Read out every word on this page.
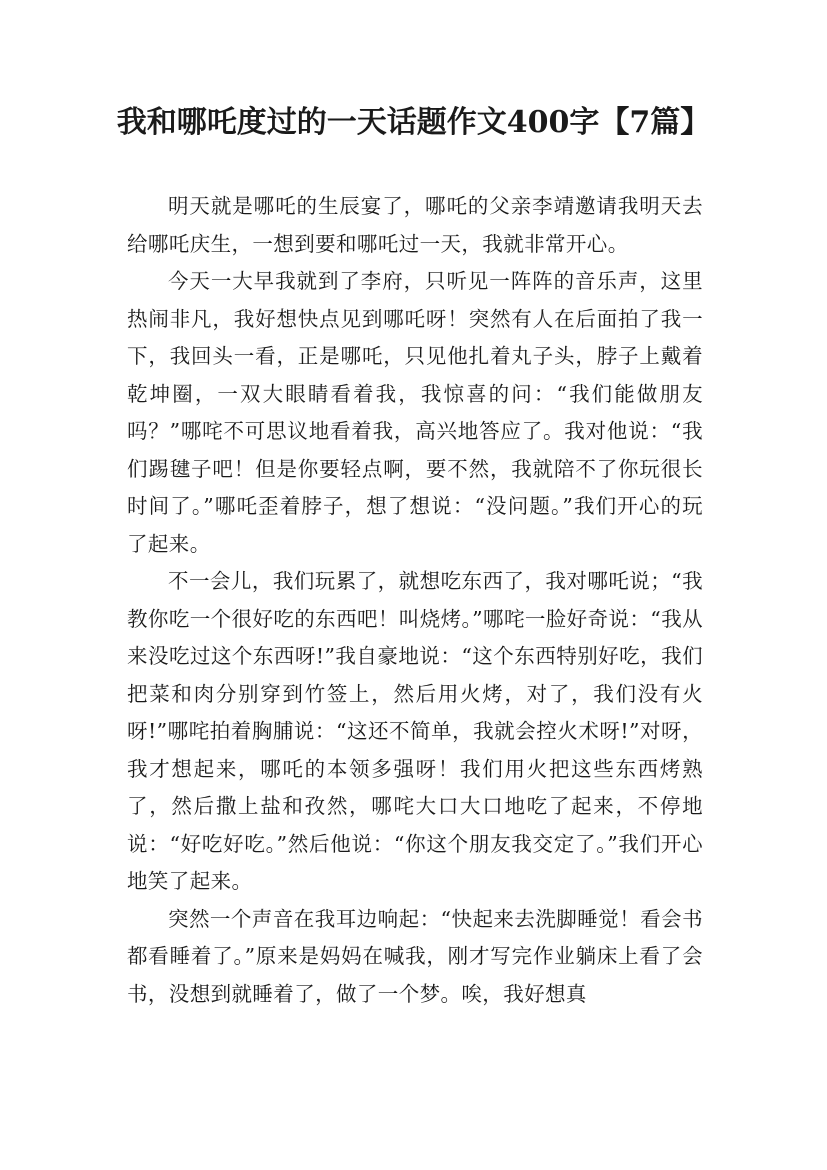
我和哪吒度过的一天话题作文400字【7篇】

明天就是哪吒的生辰宴了，哪吒的父亲李靖邀请我明天去给哪吒庆生，一想到要和哪吒过一天，我就非常开心。

今天一大早我就到了李府，只听见一阵阵的音乐声，这里热闹非凡，我好想快点见到哪吒呀！突然有人在后面拍了我一下，我回头一看，正是哪吒，只见他扎着丸子头，脖子上戴着乾坤圈，一双大眼睛看着我，我惊喜的问：“我们能做朋友吗？”哪咤不可思议地看着我，高兴地答应了。我对他说：“我们踢毽子吧！但是你要轻点啊，要不然，我就陪不了你玩很长时间了。”哪吒歪着脖子，想了想说：“没问题。”我们开心的玩了起来。

不一会儿，我们玩累了，就想吃东西了，我对哪吒说；“我教你吃一个很好吃的东西吧！叫烧烤。”哪咤一脸好奇说：“我从来没吃过这个东西呀!”我自豪地说：“这个东西特别好吃，我们把菜和肉分别穿到竹签上，然后用火烤，对了，我们没有火呀!”哪咤拍着胸脯说：“这还不简单，我就会控火术呀!”对呀，我才想起来，哪吒的本领多强呀！我们用火把这些东西烤熟了，然后撒上盐和孜然，哪咤大口大口地吃了起来，不停地说：“好吃好吃。”然后他说：“你这个朋友我交定了。”我们开心地笑了起来。

突然一个声音在我耳边响起：“快起来去洗脚睡觉！看会书都看睡着了。”原来是妈妈在喊我，刚才写完作业躺床上看了会书，没想到就睡着了，做了一个梦。唉，我好想真
